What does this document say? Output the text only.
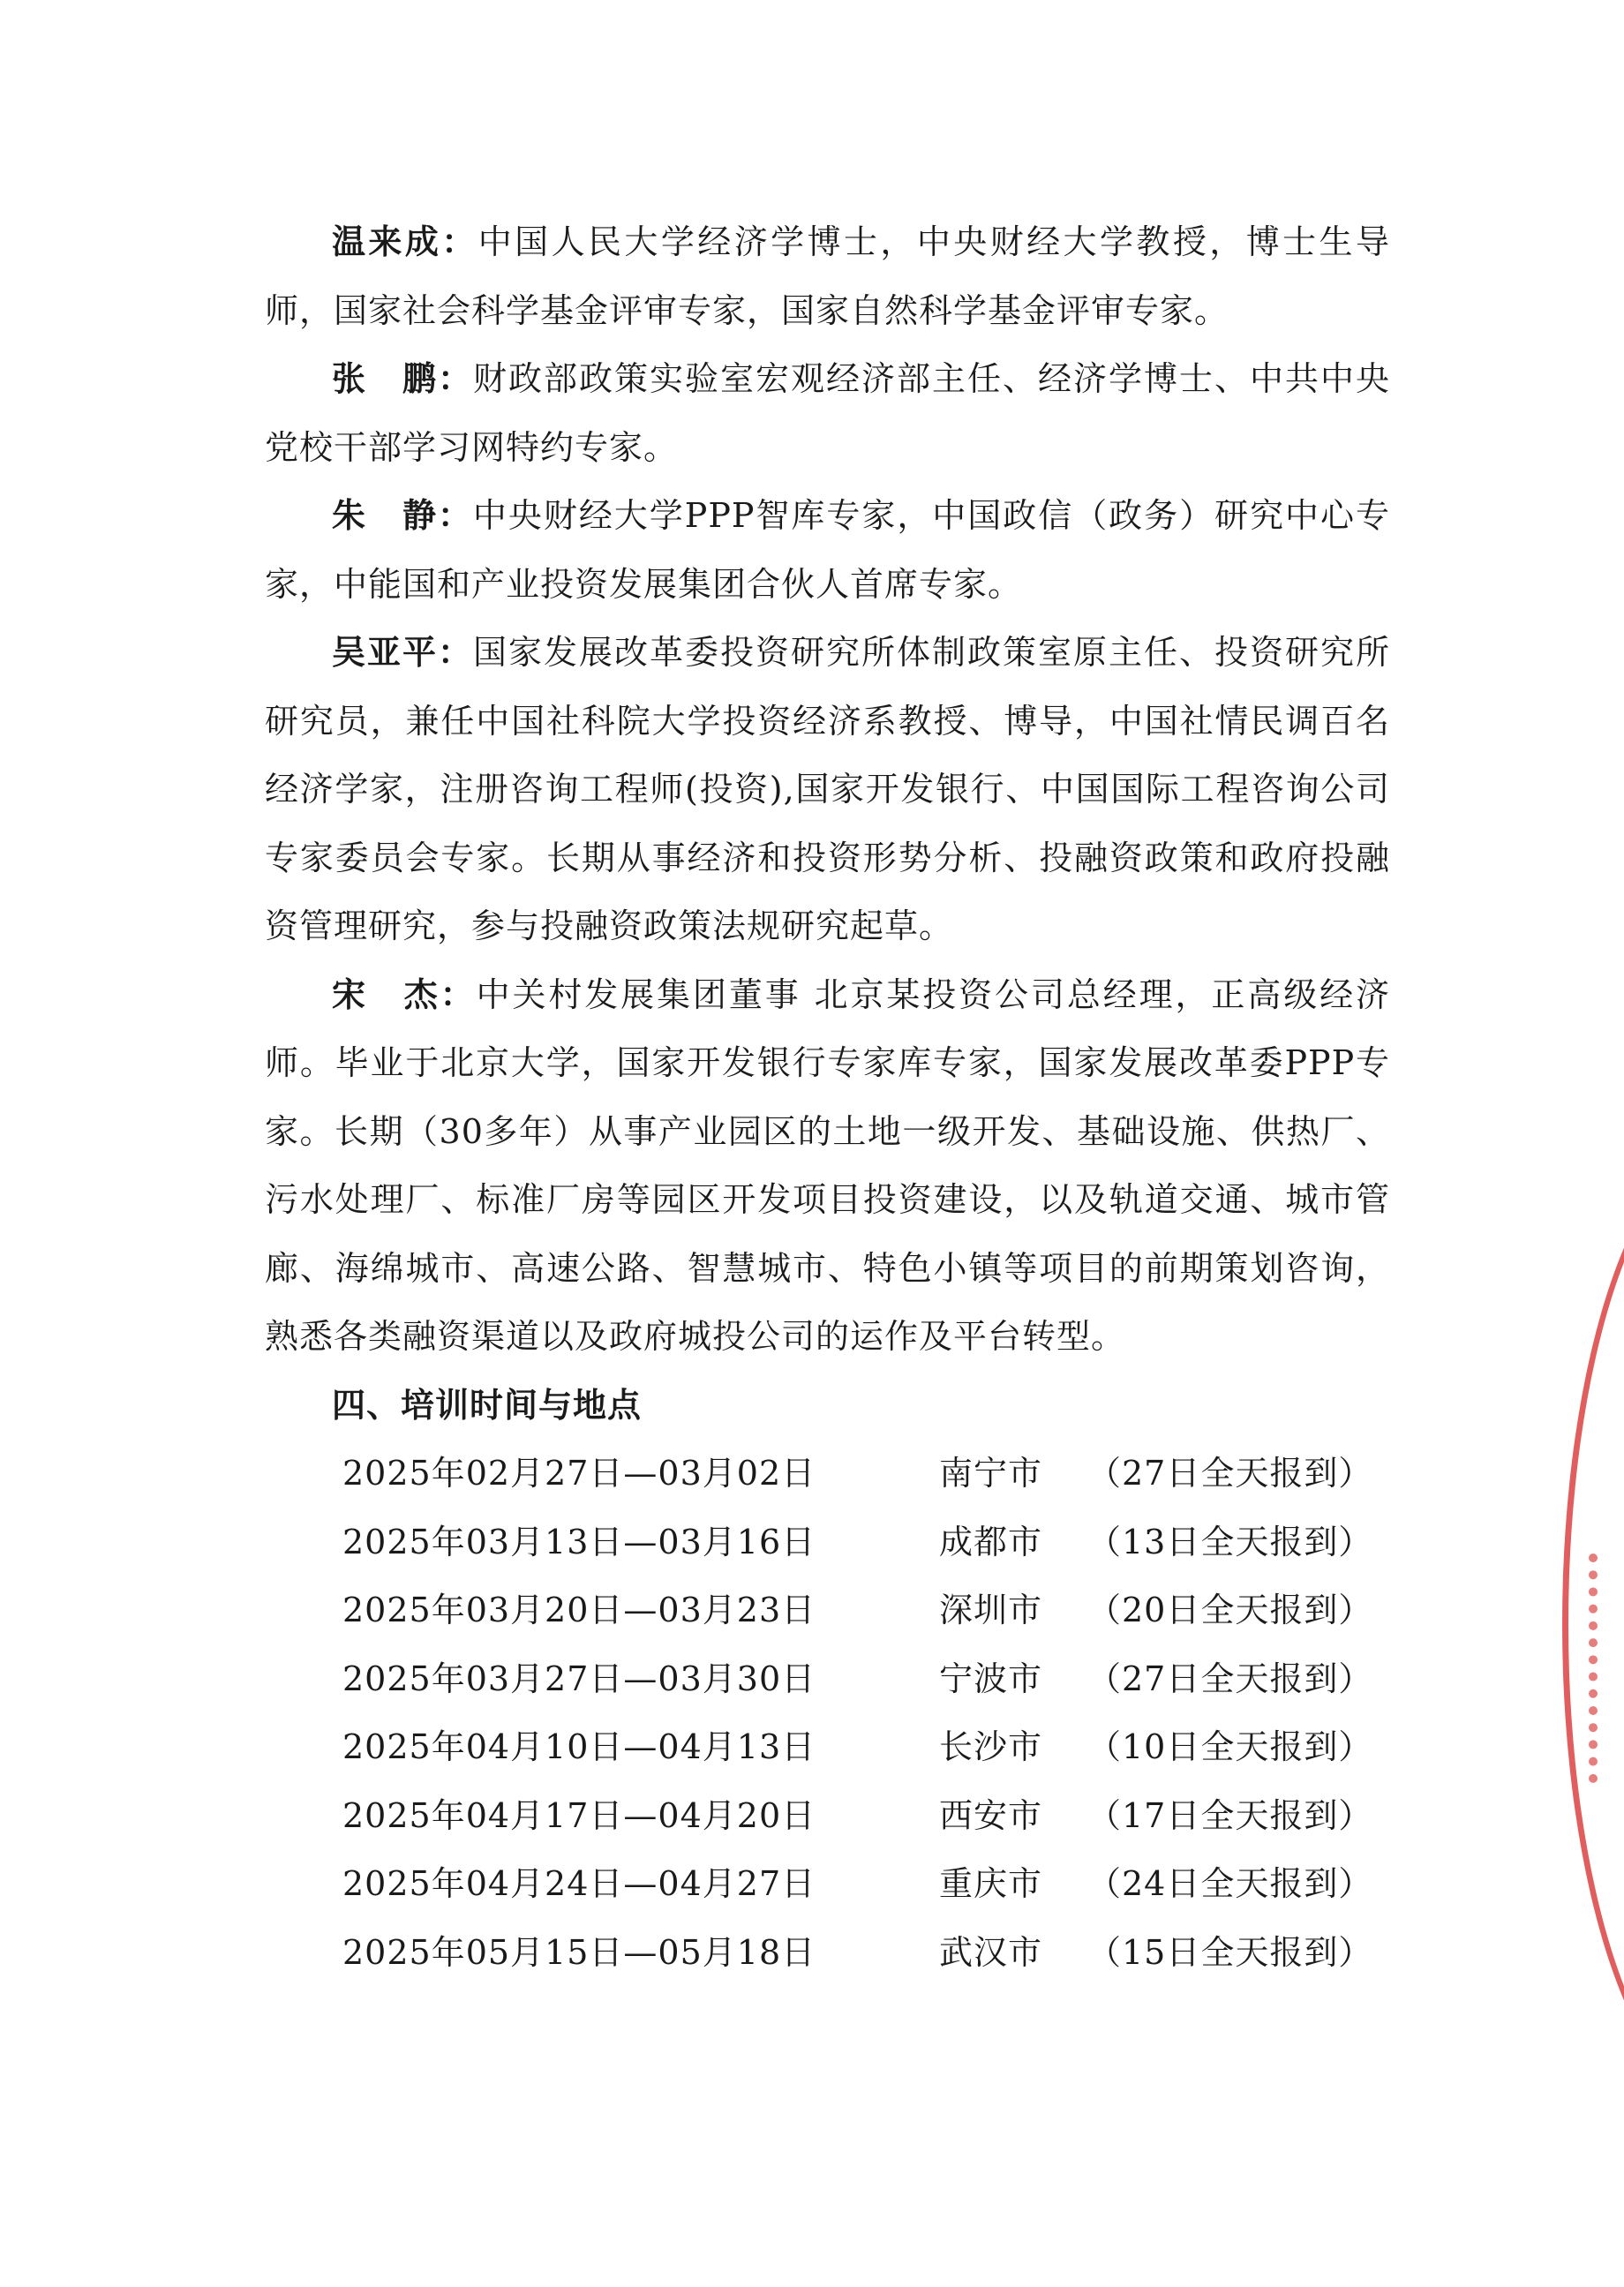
温来成：中国人民大学经济学博士，中央财经大学教授，博士生导师，国家社会科学基金评审专家，国家自然科学基金评审专家。

张　鹏：财政部政策实验室宏观经济部主任、经济学博士、中共中央党校干部学习网特约专家。

朱　静：中央财经大学PPP智库专家，中国政信（政务）研究中心专家，中能国和产业投资发展集团合伙人首席专家。

吴亚平：国家发展改革委投资研究所体制政策室原主任、投资研究所研究员，兼任中国社科院大学投资经济系教授、博导，中国社情民调百名经济学家，注册咨询工程师(投资),国家开发银行、中国国际工程咨询公司专家委员会专家。长期从事经济和投资形势分析、投融资政策和政府投融资管理研究，参与投融资政策法规研究起草。

宋　杰：中关村发展集团董事 北京某投资公司总经理，正高级经济师。毕业于北京大学，国家开发银行专家库专家，国家发展改革委PPP专家。长期（30多年）从事产业园区的土地一级开发、基础设施、供热厂、污水处理厂、标准厂房等园区开发项目投资建设，以及轨道交通、城市管廊、海绵城市、高速公路、智慧城市、特色小镇等项目的前期策划咨询，熟悉各类融资渠道以及政府城投公司的运作及平台转型。

四、培训时间与地点

2025年02月27日—03月02日	南宁市	（27日全天报到）
2025年03月13日—03月16日	成都市	（13日全天报到）
2025年03月20日—03月23日	深圳市	（20日全天报到）
2025年03月27日—03月30日	宁波市	（27日全天报到）
2025年04月10日—04月13日	长沙市	（10日全天报到）
2025年04月17日—04月20日	西安市	（17日全天报到）
2025年04月24日—04月27日	重庆市	（24日全天报到）
2025年05月15日—05月18日	武汉市	（15日全天报到）
